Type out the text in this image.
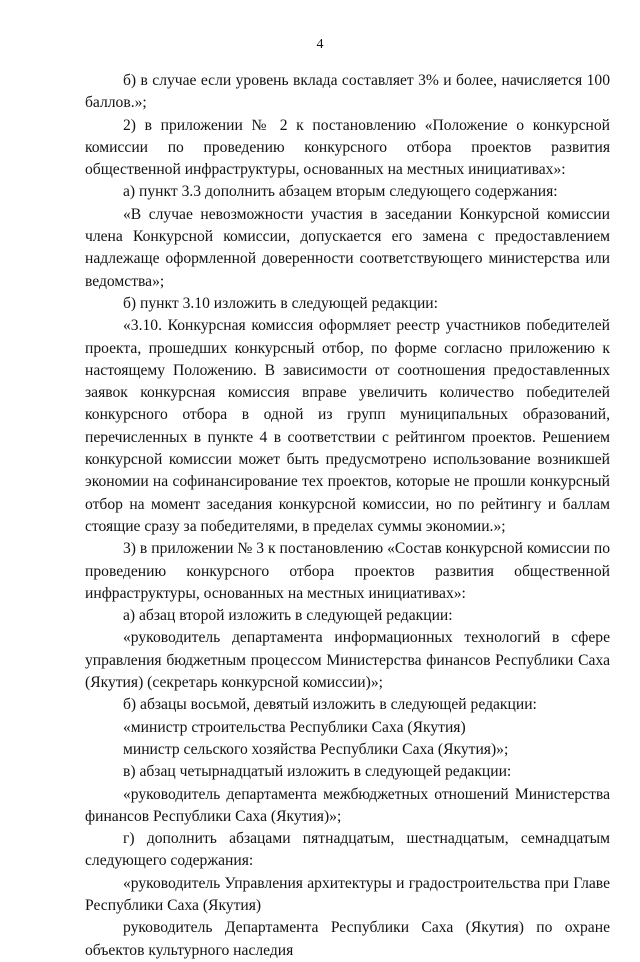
4

б) в случае если уровень вклада составляет 3% и более, начисляется 100 баллов.»;

2) в приложении № 2 к постановлению «Положение о конкурсной комиссии по проведению конкурсного отбора проектов развития общественной инфраструктуры, основанных на местных инициативах»:

а) пункт 3.3 дополнить абзацем вторым следующего содержания:

«В случае невозможности участия в заседании Конкурсной комиссии члена Конкурсной комиссии, допускается его замена с предоставлением надлежаще оформленной доверенности соответствующего министерства или ведомства»;

б) пункт 3.10 изложить в следующей редакции:

«3.10. Конкурсная комиссия оформляет реестр участников победителей проекта, прошедших конкурсный отбор, по форме согласно приложению к настоящему Положению. В зависимости от соотношения предоставленных заявок конкурсная комиссия вправе увеличить количество победителей конкурсного отбора в одной из групп муниципальных образований, перечисленных в пункте 4 в соответствии с рейтингом проектов. Решением конкурсной комиссии может быть предусмотрено использование возникшей экономии на софинансирование тех проектов, которые не прошли конкурсный отбор на момент заседания конкурсной комиссии, но по рейтингу и баллам стоящие сразу за победителями, в пределах суммы экономии.»;

3) в приложении № 3 к постановлению «Состав конкурсной комиссии по проведению конкурсного отбора проектов развития общественной инфраструктуры, основанных на местных инициативах»:

а) абзац второй изложить в следующей редакции:

«руководитель департамента информационных технологий в сфере управления бюджетным процессом Министерства финансов Республики Саха (Якутия) (секретарь конкурсной комиссии)»;

б) абзацы восьмой, девятый изложить в следующей редакции:

«министр строительства Республики Саха (Якутия)

министр сельского хозяйства Республики Саха (Якутия)»;

в) абзац четырнадцатый изложить в следующей редакции:

«руководитель департамента межбюджетных отношений Министерства финансов Республики Саха (Якутия)»;

г) дополнить абзацами пятнадцатым, шестнадцатым, семнадцатым следующего содержания:

«руководитель Управления архитектуры и градостроительства при Главе Республики Саха (Якутия)

руководитель Департамента Республики Саха (Якутия) по охране объектов культурного наследия
